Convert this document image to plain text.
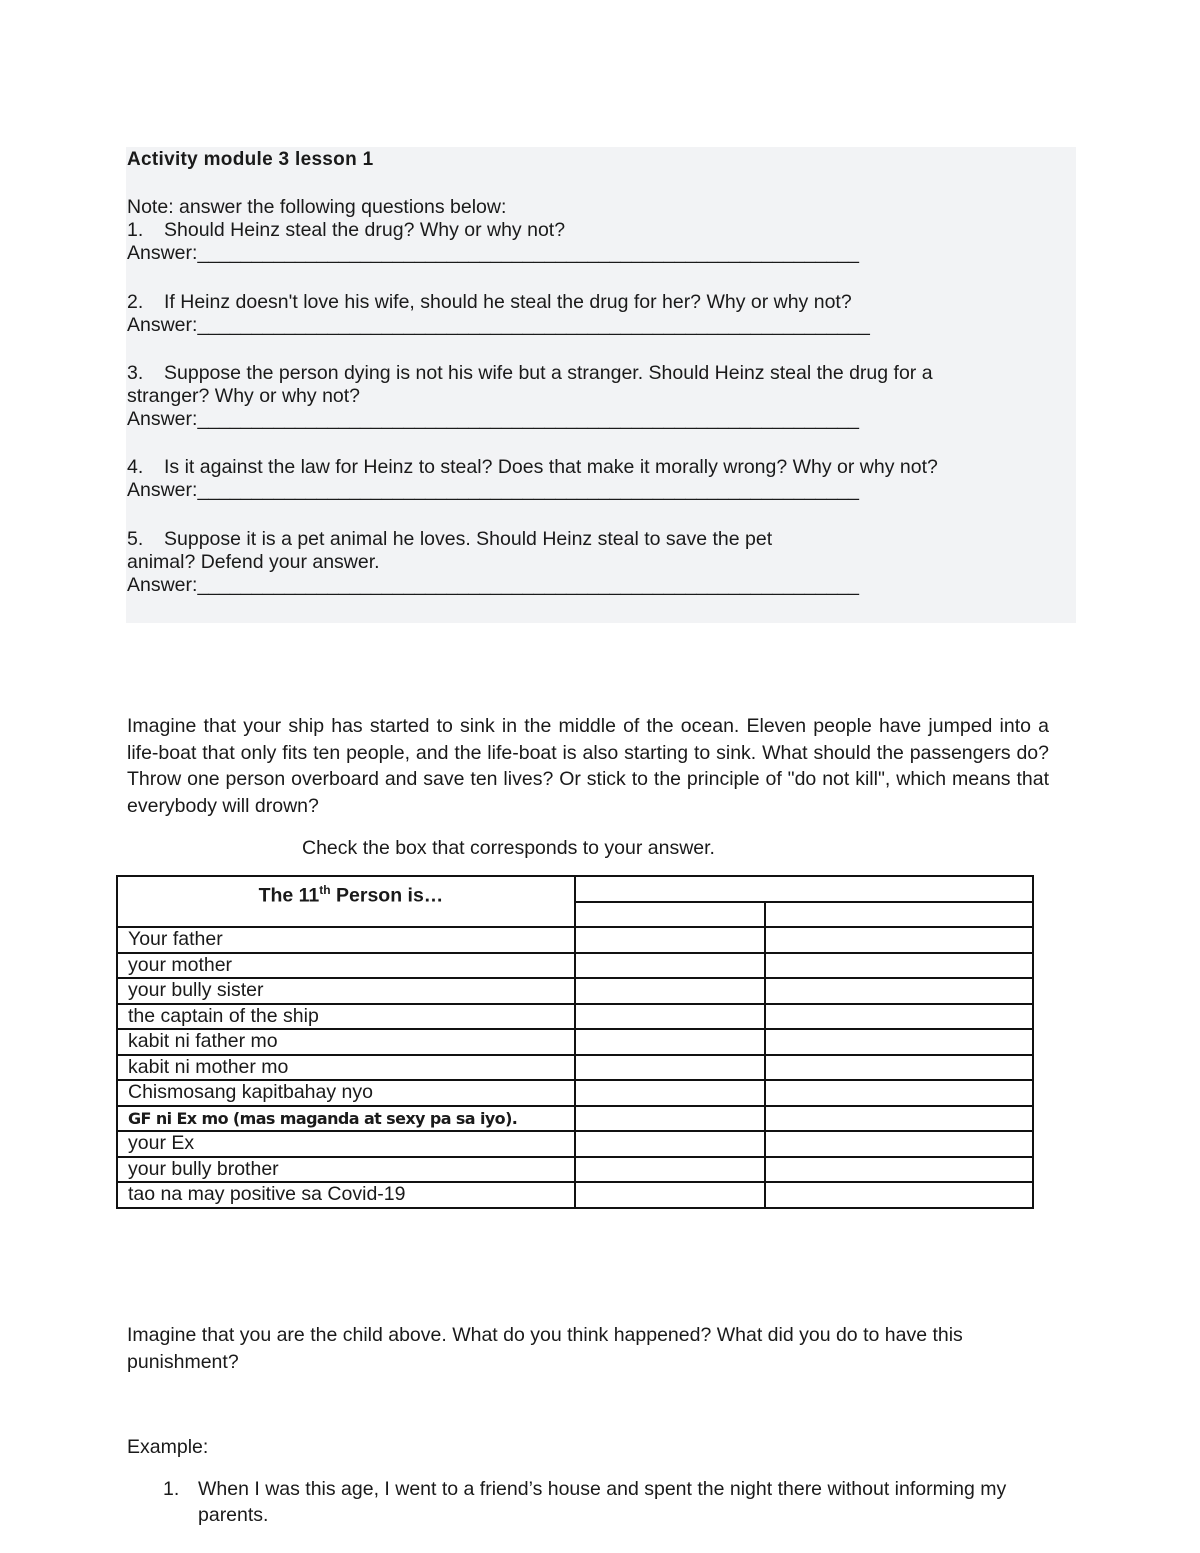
Activity module 3 lesson 1
Note: answer the following questions below:
1. Should Heinz steal the drug? Why or why not?
Answer:_____________________________________________________________
2. If Heinz doesn't love his wife, should he steal the drug for her? Why or why not?
Answer:______________________________________________________________
3. Suppose the person dying is not his wife but a stranger. Should Heinz steal the drug for a
stranger? Why or why not?
Answer:_____________________________________________________________
4. Is it against the law for Heinz to steal? Does that make it morally wrong? Why or why not?
Answer:_____________________________________________________________
5. Suppose it is a pet animal he loves. Should Heinz steal to save the pet
animal? Defend your answer.
Answer:_____________________________________________________________
Imagine that your ship has started to sink in the middle of the ocean. Eleven people have jumped into a life-boat that only fits ten people, and the life-boat is also starting to sink. What should the passengers do? Throw one person overboard and save ten lives? Or stick to the principle of "do not kill", which means that everybody will drown?
Check the box that corresponds to your answer.
The 11th Person is…		

Your father		
your mother		
your bully sister		
the captain of the ship		
kabit ni father mo		
kabit ni mother mo		
Chismosang kapitbahay nyo		
GF ni Ex mo (mas maganda at sexy pa sa iyo).		
your Ex		
your bully brother		
tao na may positive sa Covid-19		
Imagine that you are the child above. What do you think happened? What did you do to have this punishment?
Example:
1. When I was this age, I went to a friend’s house and spent the night there without informing my parents.
